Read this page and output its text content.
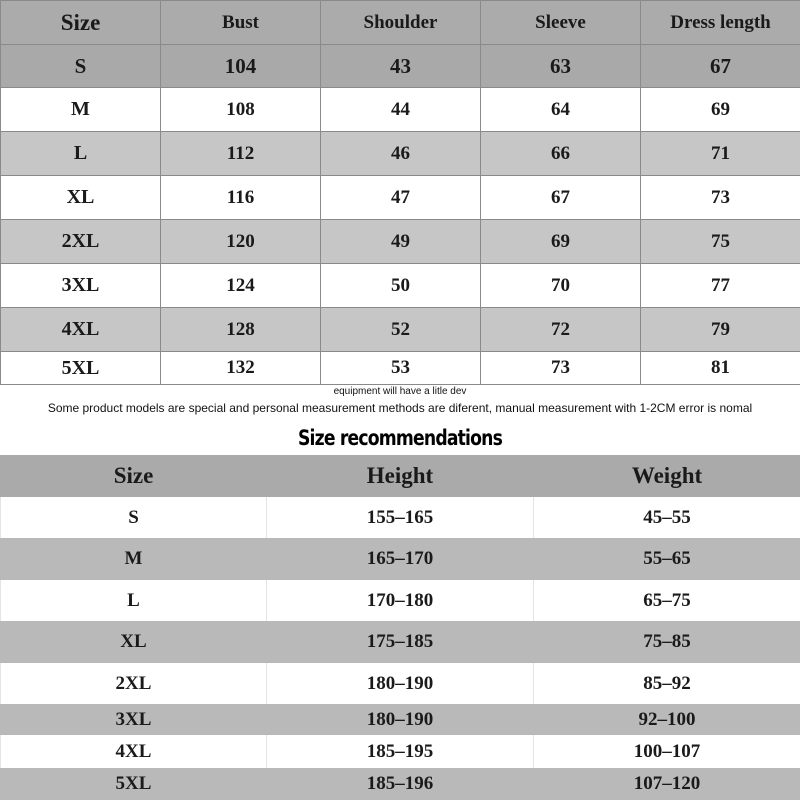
Size	Bust	Shoulder	Sleeve	Dress length
S	104	43	63	67
M	108	44	64	69
L	112	46	66	71
XL	116	47	67	73
2XL	120	49	69	75
3XL	124	50	70	77
4XL	128	52	72	79
5XL	132	53	73	81
equipment will have a litle dev
Some product models are special and personal measurement methods are diferent, manual measurement with 1-2CM error is nomal
Size recommendations
Size	Height	Weight
S	155–165	45–55
M	165–170	55–65
L	170–180	65–75
XL	175–185	75–85
2XL	180–190	85–92
3XL	180–190	92–100
4XL	185–195	100–107
5XL	185–196	107–120
